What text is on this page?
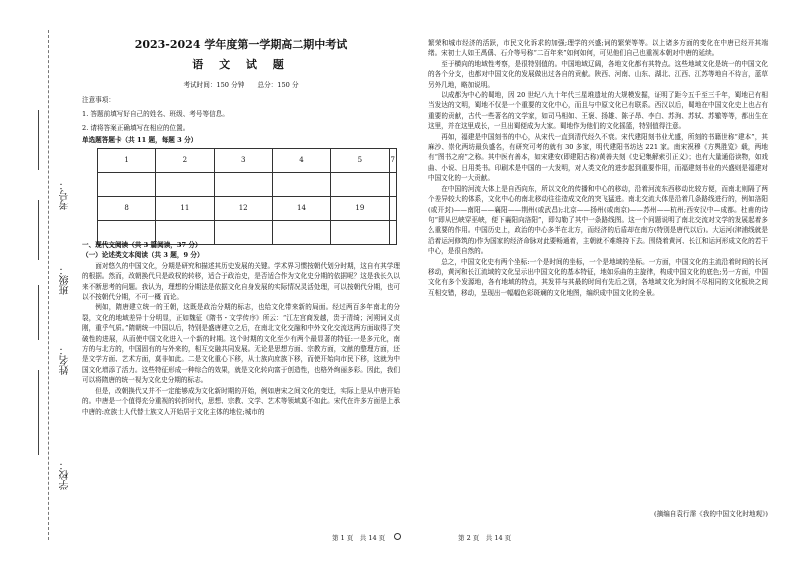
考号：
班级：
姓名：
学校：
2023-2024 学年度第一学期高二期中考试
语 文 试 题
考试时间：150 分钟　　总分：150 分
注意事项：
1. 答题前填写好自己的姓名、班级、考号等信息。
2. 请将答案正确填写在相应的位置。
单选题答题卡（共 11 题，每题 3 分）
1	2	3	4	5	7

8	11	12	14	19	

一、现代文阅读（共 3 篇阅读，37 分）
（一）论述类文本阅读（共 3 题，9 分）

面对悠久的中国文化，分期是研究和描述其历史发展的关键。学术界习惯按朝代划分时期，这自有其学理的根据。然而，改朝换代只是政权的转移，适合于政治史，是否适合作为文化史分期的依据呢？这是我长久以来不断思考的问题。我认为，理想的分期法是依据文化自身发展的实际情况灵活处理，可以按朝代分期，也可以不按朝代分期，不可一概 而论。

例如，隋唐建立统一的王朝，这既是政治分期的标志，也给文化带来新的局面。经过两百多年南北的分裂，文化的地域差异十分明显，正如魏征《隋书・文学传序》所云：“江左宫商发越，贵于清绮；河朔词义贞刚，重乎气质。”隋朝统一中国以后，特别是盛唐建立之后，在南北文化交融和中外文化交流这两方面取得了突破性的进展，从而使中国文化进入一个新的时期。这个时期的文化至少有两个最显著的特征:一是多元化，南方的与北方的，中国固有的与外来的，相互交融共同发展。无论是思想方面、宗教方面，文献的整理方面，还是文学方面、艺术方面，莫非如此。二是文化重心下移，从士族向庶族下移，而使开始向市民下移，这就为中国文化增添了活力。这些特征形成一种综合的效果，就是文化转向富于创造性，也格外绚丽多彩。因此，我们可以将隋唐的统一视为文化史分期的标志。

但是，改朝换代又并不一定能够成为文化新时期的开始，例如唐宋之间文化的变迁，实际上是从中唐开始的。中唐是一个值得充分重视的转折时代，思想、宗教、文学、艺术等领域莫不如此。宋代在许多方面是上承中唐的:庶族士人代替士族文人开始居于文化主体的地位;城市的

第 1 页　共 14 页

繁荣和城市经济的活跃，市民文化诉求的加强;理学的兴盛;词的繁荣等等。以上诸多方面的变化在中唐已经开其端绪。宋初士人如王禹偁、石介等号称“二百年来”如何如何，可见他们自己也重视本朝对中唐的延续。

至于横向的地域性考察，是很特别值的。中国地域辽阔，各地文化都有其特点。这些地域文化是统一的中国文化的各个分支，也都对中国文化的发展做出过各自的贡献。陕西、河南、山东、湖北、江西、江苏等地自不待言，蓝草另外几地，略加说明。

以成都为中心的蜀地，因 20 世纪八九十年代三星堆遗址的大规模发掘，证明了距今五千至三千年，蜀地已有相当发达的文明，蜀地不仅是一个重要的文化中心，而且与中原文化已有联系。西汉以后，蜀地在中国文化史上也占有重要的贡献，古代一些著名的文学家，如司马相如、王褒、扬雄、陈子昂、李白、苏洵、苏轼、苏辙等等，都出生在这里，并在这里成长，一旦出蜀便成为大家。蜀地作为他们的文化摇篮，特别值得注意。

再如，福建是中国刻书的中心，从宋代一直到清代经久不衰。宋代建阳刻书业尤盛，所刻的书籍世称“建本”，其麻沙、崇化两坊最负盛名，有研究可考的就有 30 多家，明代建阳书坊达 221 家。南宋祝穆《方舆胜览》载，两地有“图书之府”之称。其中医有善本，如宋建安(即建阳古称)黄善夫刻《史记集解索引正义》；也有大量通俗读物，如戏曲、小说、日用类书。印刷术是中国的一大发明，对人类文化的进步起到重要作用，而福建刻书业的兴盛则是福建对中国文化的一大贡献。

在中国的河流大体上是自西向东，所以文化的传播和中心的移动，沿着河流东西移动比较方便，而南北则隔了两个差异较大的体系，文化中心的南北移动往往造成文化的突飞猛进。南北交流大体是沿着几条路线进行的，例如洛阳(或开封)——南阳——襄阳——荆州(或武昌);北京——扬州(或南京)——苏州——杭州;西安汉中—成都。杜甫的诗句“即从巴峡穿巫峡，便下襄阳向洛阳”，即勾勒了其中一条路线图。这一个问题说明了南北交流对文学的发展起着多么重要的作用。中国历史上，政治的中心多半在北方，而经济的后盾却在南方(特别是唐代以后)。大运河(津浦线就是沿着运河修筑的)作为国家的经济命脉对此要畅通着，主朝就不难维持下去。围绕着黄河、长江和运河形成文化的若干中心，是很自然的。

总之，中国文化史有两个坐标:一个是时间的坐标，一个是地域的坐标。一方面，中国文化的主流沿着时间的长河移动，黄河和长江流域的文化呈示出中国文化的基本特征，地如乐曲的主旋律，构成中国文化的底色;另一方面，中国文化有多个发源地，各有地域的特点，其发祥与其最的时间有先后之别，各地域文化为时间不尽相同的文化板块之间互相交错，移动，呈现出一幅幅色彩斑斓的文化地图，编织成中国文化的全景。

(摘编自袁行霈《我的中国文化时地观》)
第 2 页　共 14 页
